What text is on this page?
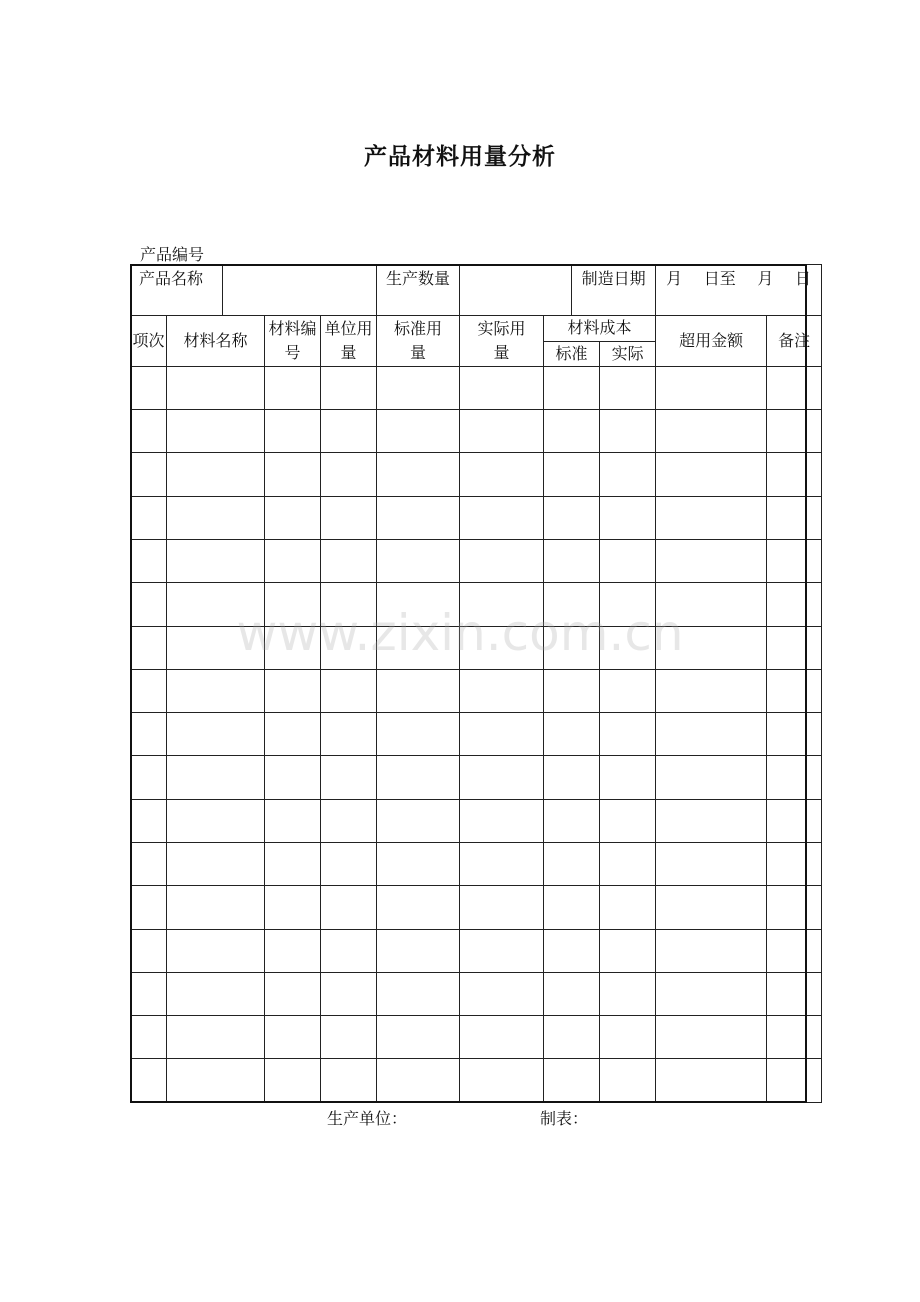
产品材料用量分析
产品编号
产品名称					生产数量			制造日期		月 日至 月 日	

项次	材料名称		材料编号	单位用量	标准用量	实际用量	材料成本			超用金额	备注
							标准		实际		

www.zixin.com.cn
生产单位：	制表：
